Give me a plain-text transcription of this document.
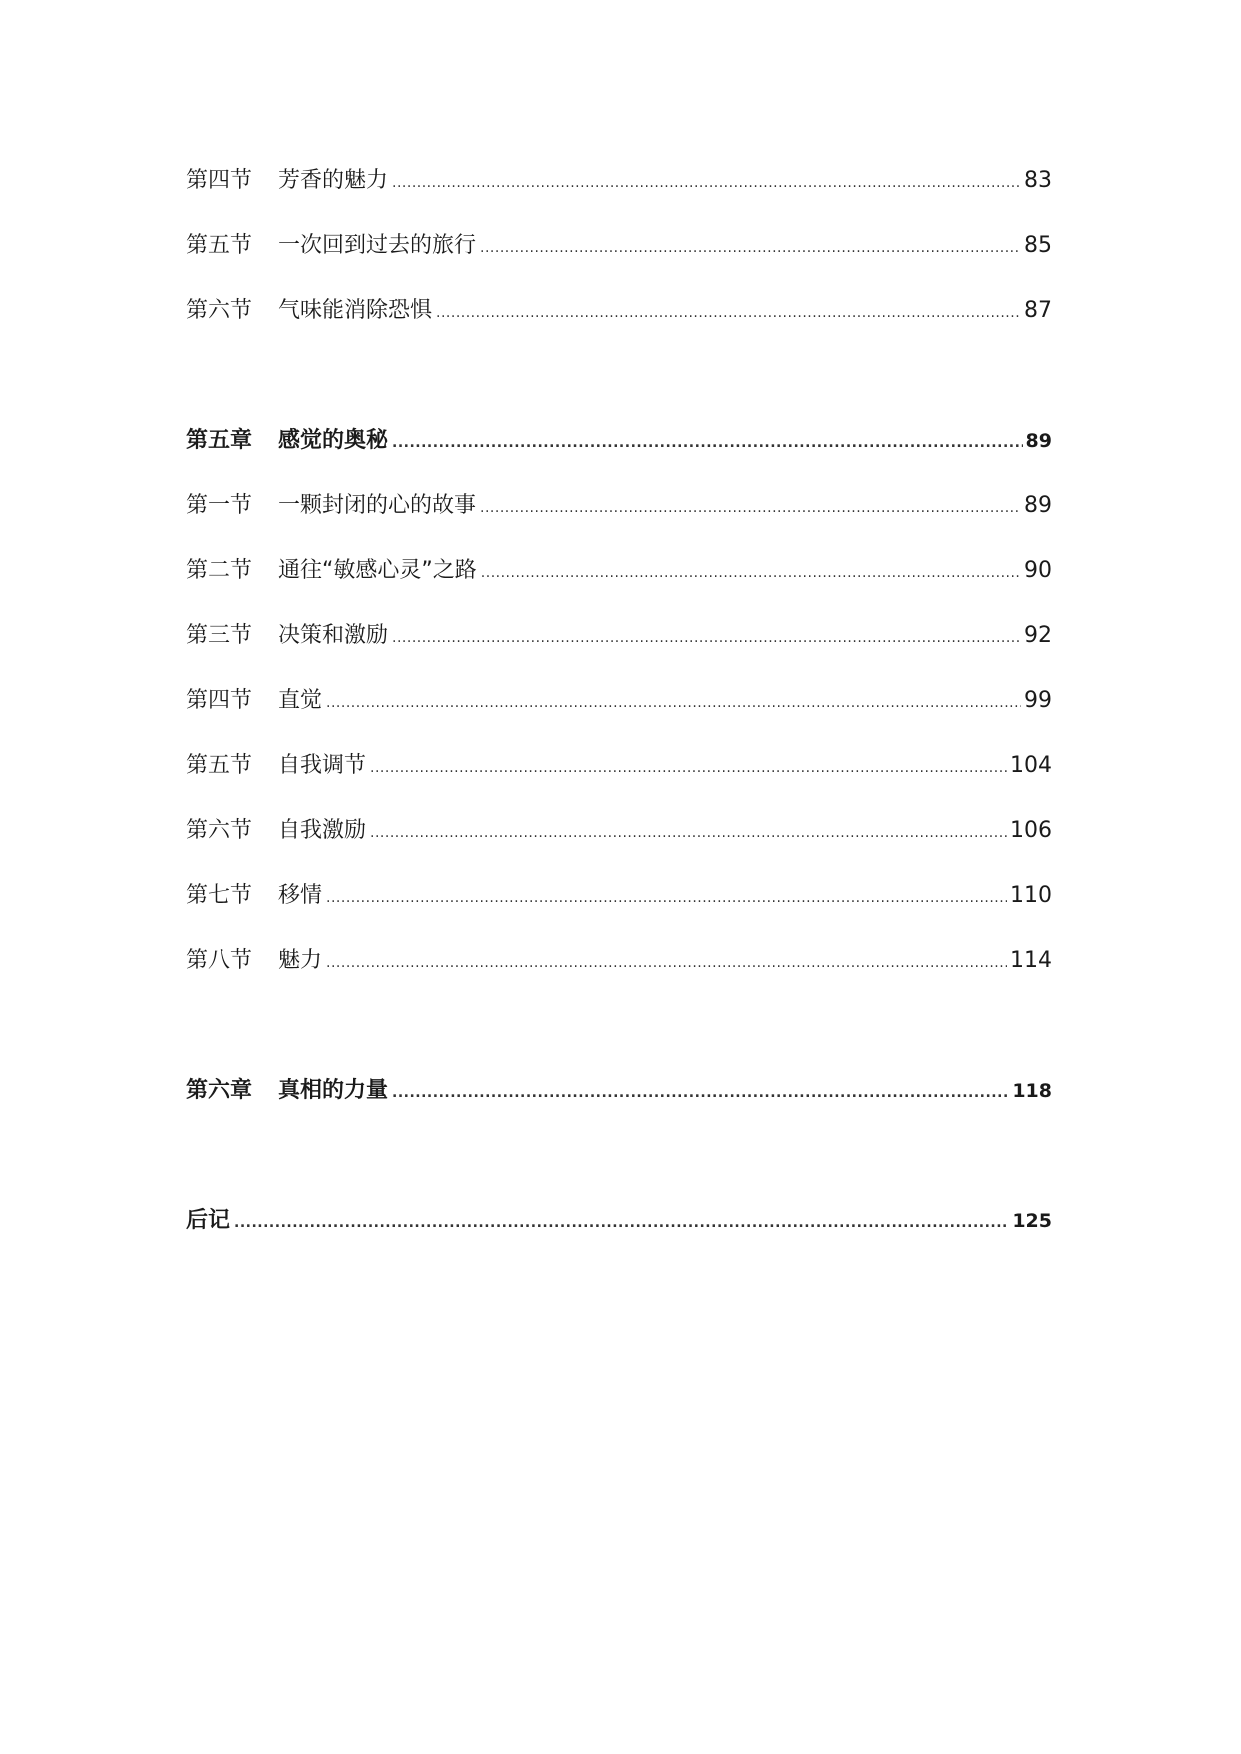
第四节	芳香的魅力 .....	83
第五节	一次回到过去的旅行 .....	85
第六节	气味能消除恐惧 .....	87
第五章	感觉的奥秘 .....	89
第一节	一颗封闭的心的故事 .....	89
第二节	通往“敏感心灵”之路 .....	90
第三节	决策和激励 .....	92
第四节	直觉 .....	99
第五节	自我调节 .....	104
第六节	自我激励 .....	106
第七节	移情 .....	110
第八节	魅力 .....	114
第六章	真相的力量 .....	118
后记 .....	125
